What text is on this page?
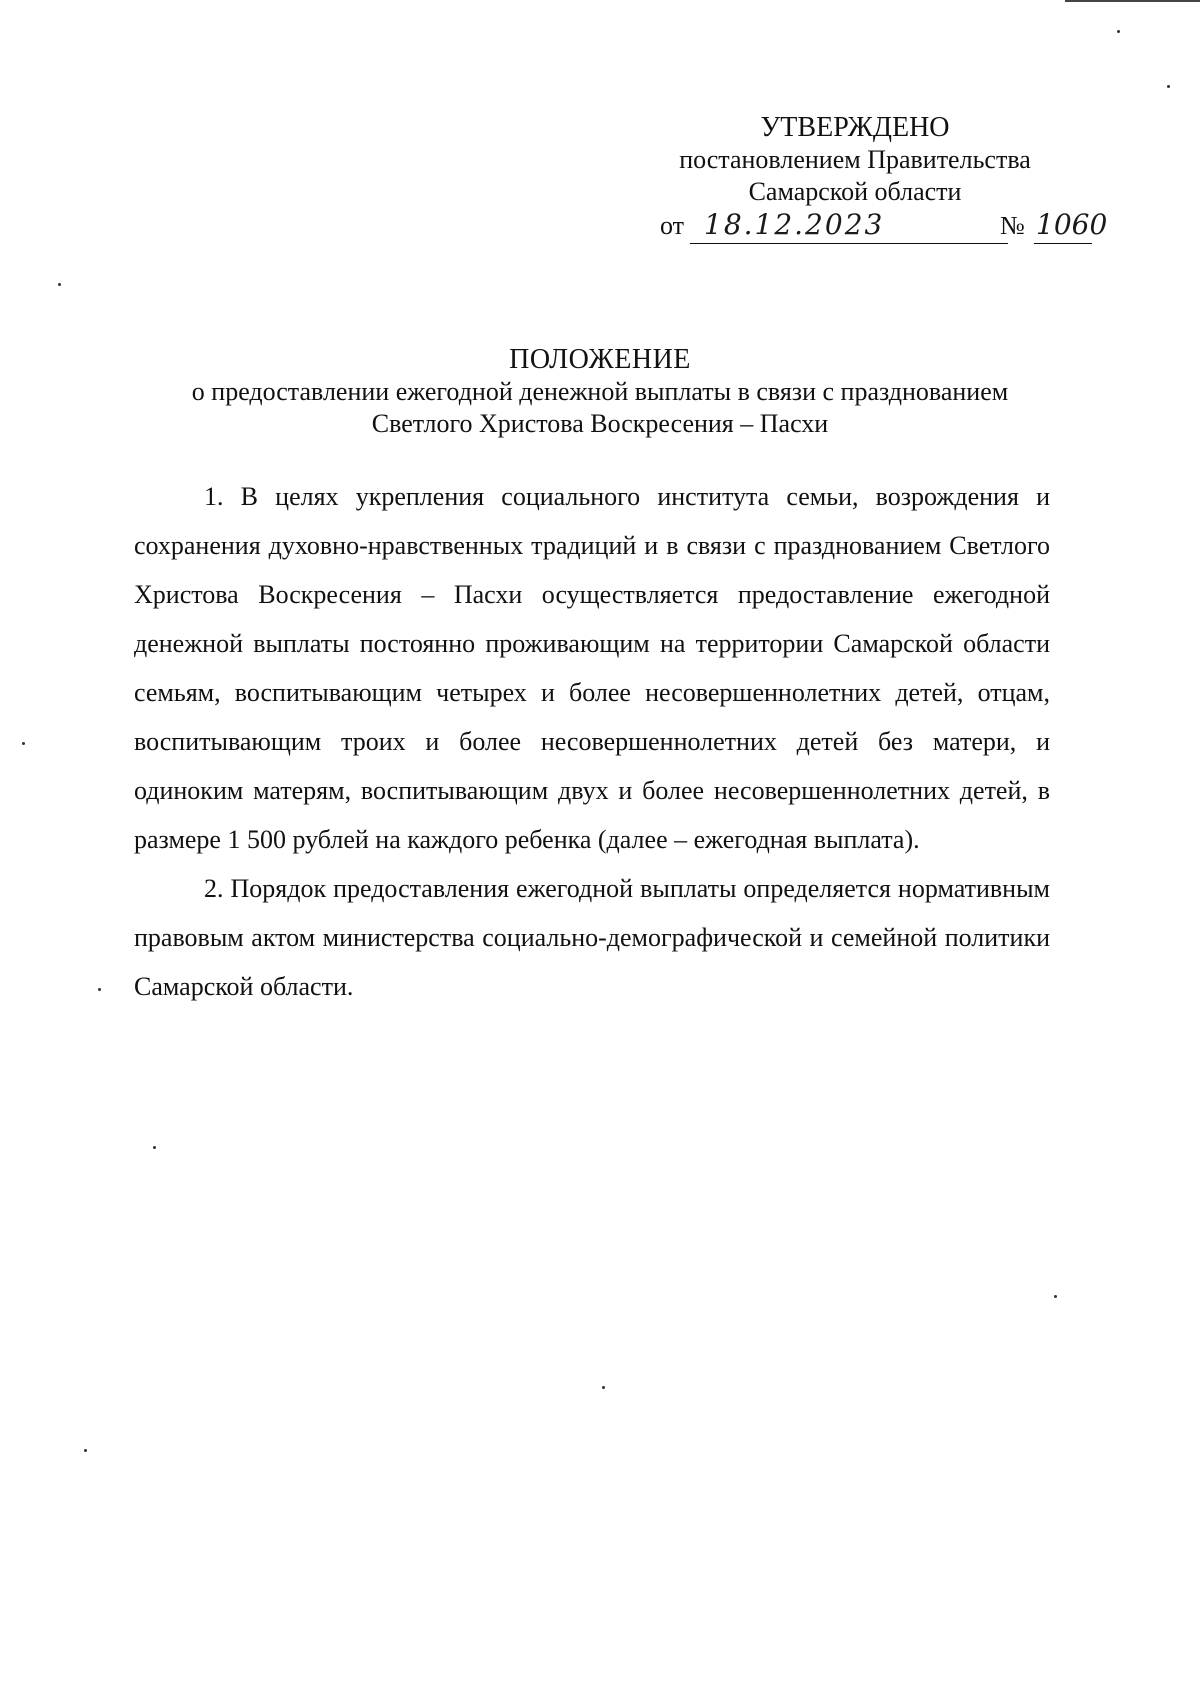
УТВЕРЖДЕНО
постановлением Правительства
Самарской области
от 18.12.2023	№ 1060
ПОЛОЖЕНИЕ
о предоставлении ежегодной денежной выплаты в связи с празднованием
Светлого Христова Воскресения – Пасхи

1. В целях укрепления социального института семьи, возрождения и сохранения духовно-нравственных традиций и в связи с празднованием Светлого Христова Воскресения – Пасхи осуществляется предоставление ежегодной денежной выплаты постоянно проживающим на территории Самарской области семьям, воспитывающим четырех и более несовершеннолетних детей, отцам, воспитывающим троих и более несовершеннолетних детей без матери, и одиноким матерям, воспитывающим двух и более несовершеннолетних детей, в размере 1 500 рублей на каждого ребенка (далее – ежегодная выплата).

2. Порядок предоставления ежегодной выплаты определяется нормативным правовым актом министерства социально-демографической и семейной политики Самарской области.
